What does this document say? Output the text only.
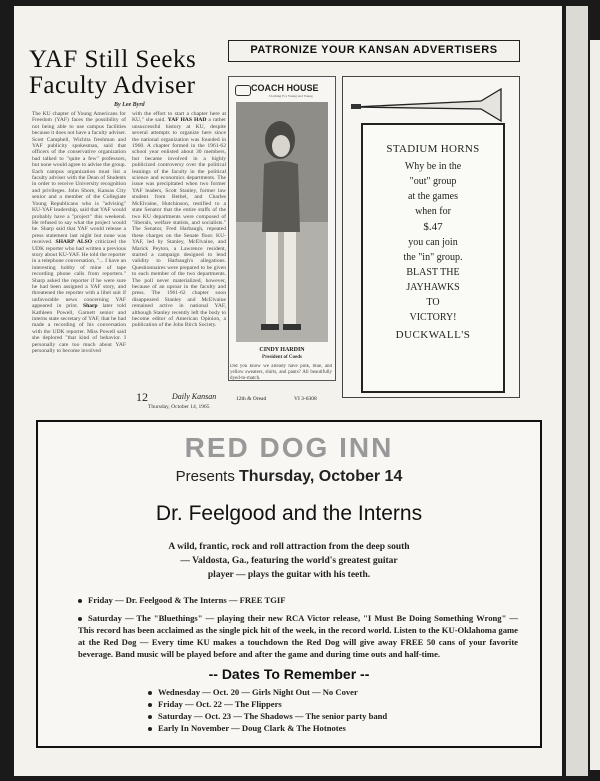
YAF Still Seeks
Faculty Adviser
By Lee Byrd
The KU chapter of Young Americans for Freedom (YAF) faces the possibility of not being able to use campus facilities because it does not have a faculty adviser. Scott Campbell, Wichita freshman and YAF publicity spokesman, said that officers of the conservative organization had talked to "quite a few" professors, but none would agree to advise the group. Each campus organization must list a faculty adviser with the Dean of Students in order to receive University recognition and privileges. John Shore, Kansas City senior and a member of the Collegiate Young Republicans who is "advising" KU-YAF leadership, said that YAF would probably have a "project" this weekend. He refused to say what the project would be. Sharp said that YAF would release a press statement last night but none was received. SHARP ALSO criticized the UDK reporter who had written a previous story about KU-YAF. He told the reporter in a telephone conversation, "... I have an interesting hobby of mine of tape recording phone calls from reporters." Sharp asked the reporter if he were sure he had been assigned a YAF story, and threatened the reporter with a libel suit if unfavorable news concerning YAF appeared in print. Sharp later told Kathleen Powell, Garnett senior and interns state secretary of YAF, that he had made a recording of his conversation with the UDK reporter. Miss Powell said she deplored "that kind of behavior. I personally care too much about YAF personally to become involved
with the effort to start a chapter here at KU," she said. YAF HAS HAD a rather unsuccessful history at KU, despite several attempts to organize here since the national organization was founded in 1960. A chapter formed in the 1961-62 school year enlisted about 30 members, but became involved in a highly publicized controversy over the political leanings of the faculty in the political science and economics departments. The issue was precipitated when two former YAF leaders, Scott Stanley, former law student from Bethel, and Charles McElvaine, Hutchinson, testified to a state Senator that the entire staffs of the two KU departments were composed of "liberals, welfare statists, and socialists." The Senator, Fred Harbaugh, repeated these charges on the Senate floor. KU-YAF, led by Stanley, McElvaine, and Marick Peyton, a Lawrence resident, started a campaign designed to lend validity to Harbaugh's allegations. Questionnaires were prepared to be given to each member of the two departments. The poll never materialized, however, because of an uproar in the faculty and press. The 1961-62 chapter soon disappeared Stanley and McElvaine remained active in national YAF, although Stanley recently left the body to become editor of American Opinion, a publication of the John Birch Society.
12	Daily Kansan
Thursday, October 14, 1965
PATRONIZE YOUR KANSAN ADVERTISERS
COACH HOUSE
Clothing For Young and Young
CINDY HARDIN
President of Coeds
Did you know we already have pink, blue, and yellow sweaters, shirts, and pants? All beautifully dyed-to-match.
12th & Oread	VI 3-6308
STADIUM HORNS
Why be in the
"out" group
at the games
when for
$.47
you can join
the "in" group.
BLAST THE
JAYHAWKS
TO
VICTORY!
DUCKWALL'S
RED DOG INN
Presents Thursday, October 14
Dr. Feelgood and the Interns
A wild, frantic, rock and roll attraction from the deep south
— Valdosta, Ga., featuring the world's greatest guitar
player — plays the guitar with his teeth.
Friday — Dr. Feelgood & The Interns — FREE TGIF
Saturday — The "Bluethings" — playing their new RCA Victor release, "I Must Be Doing Something Wrong" — This record has been acclaimed as the single pick hit of the week, in the record world. Listen to the KU-Oklahoma game at the Red Dog — Every time KU makes a touchdown the Red Dog will give away FREE 50 cans of your favorite beverage. Band music will be played before and after the game and during time outs and half-time.
-- Dates To Remember --
Wednesday — Oct. 20 — Girls Night Out — No Cover
Friday — Oct. 22 — The Flippers
Saturday — Oct. 23 — The Shadows — The senior party band
Early In November — Doug Clark & The Hotnotes
